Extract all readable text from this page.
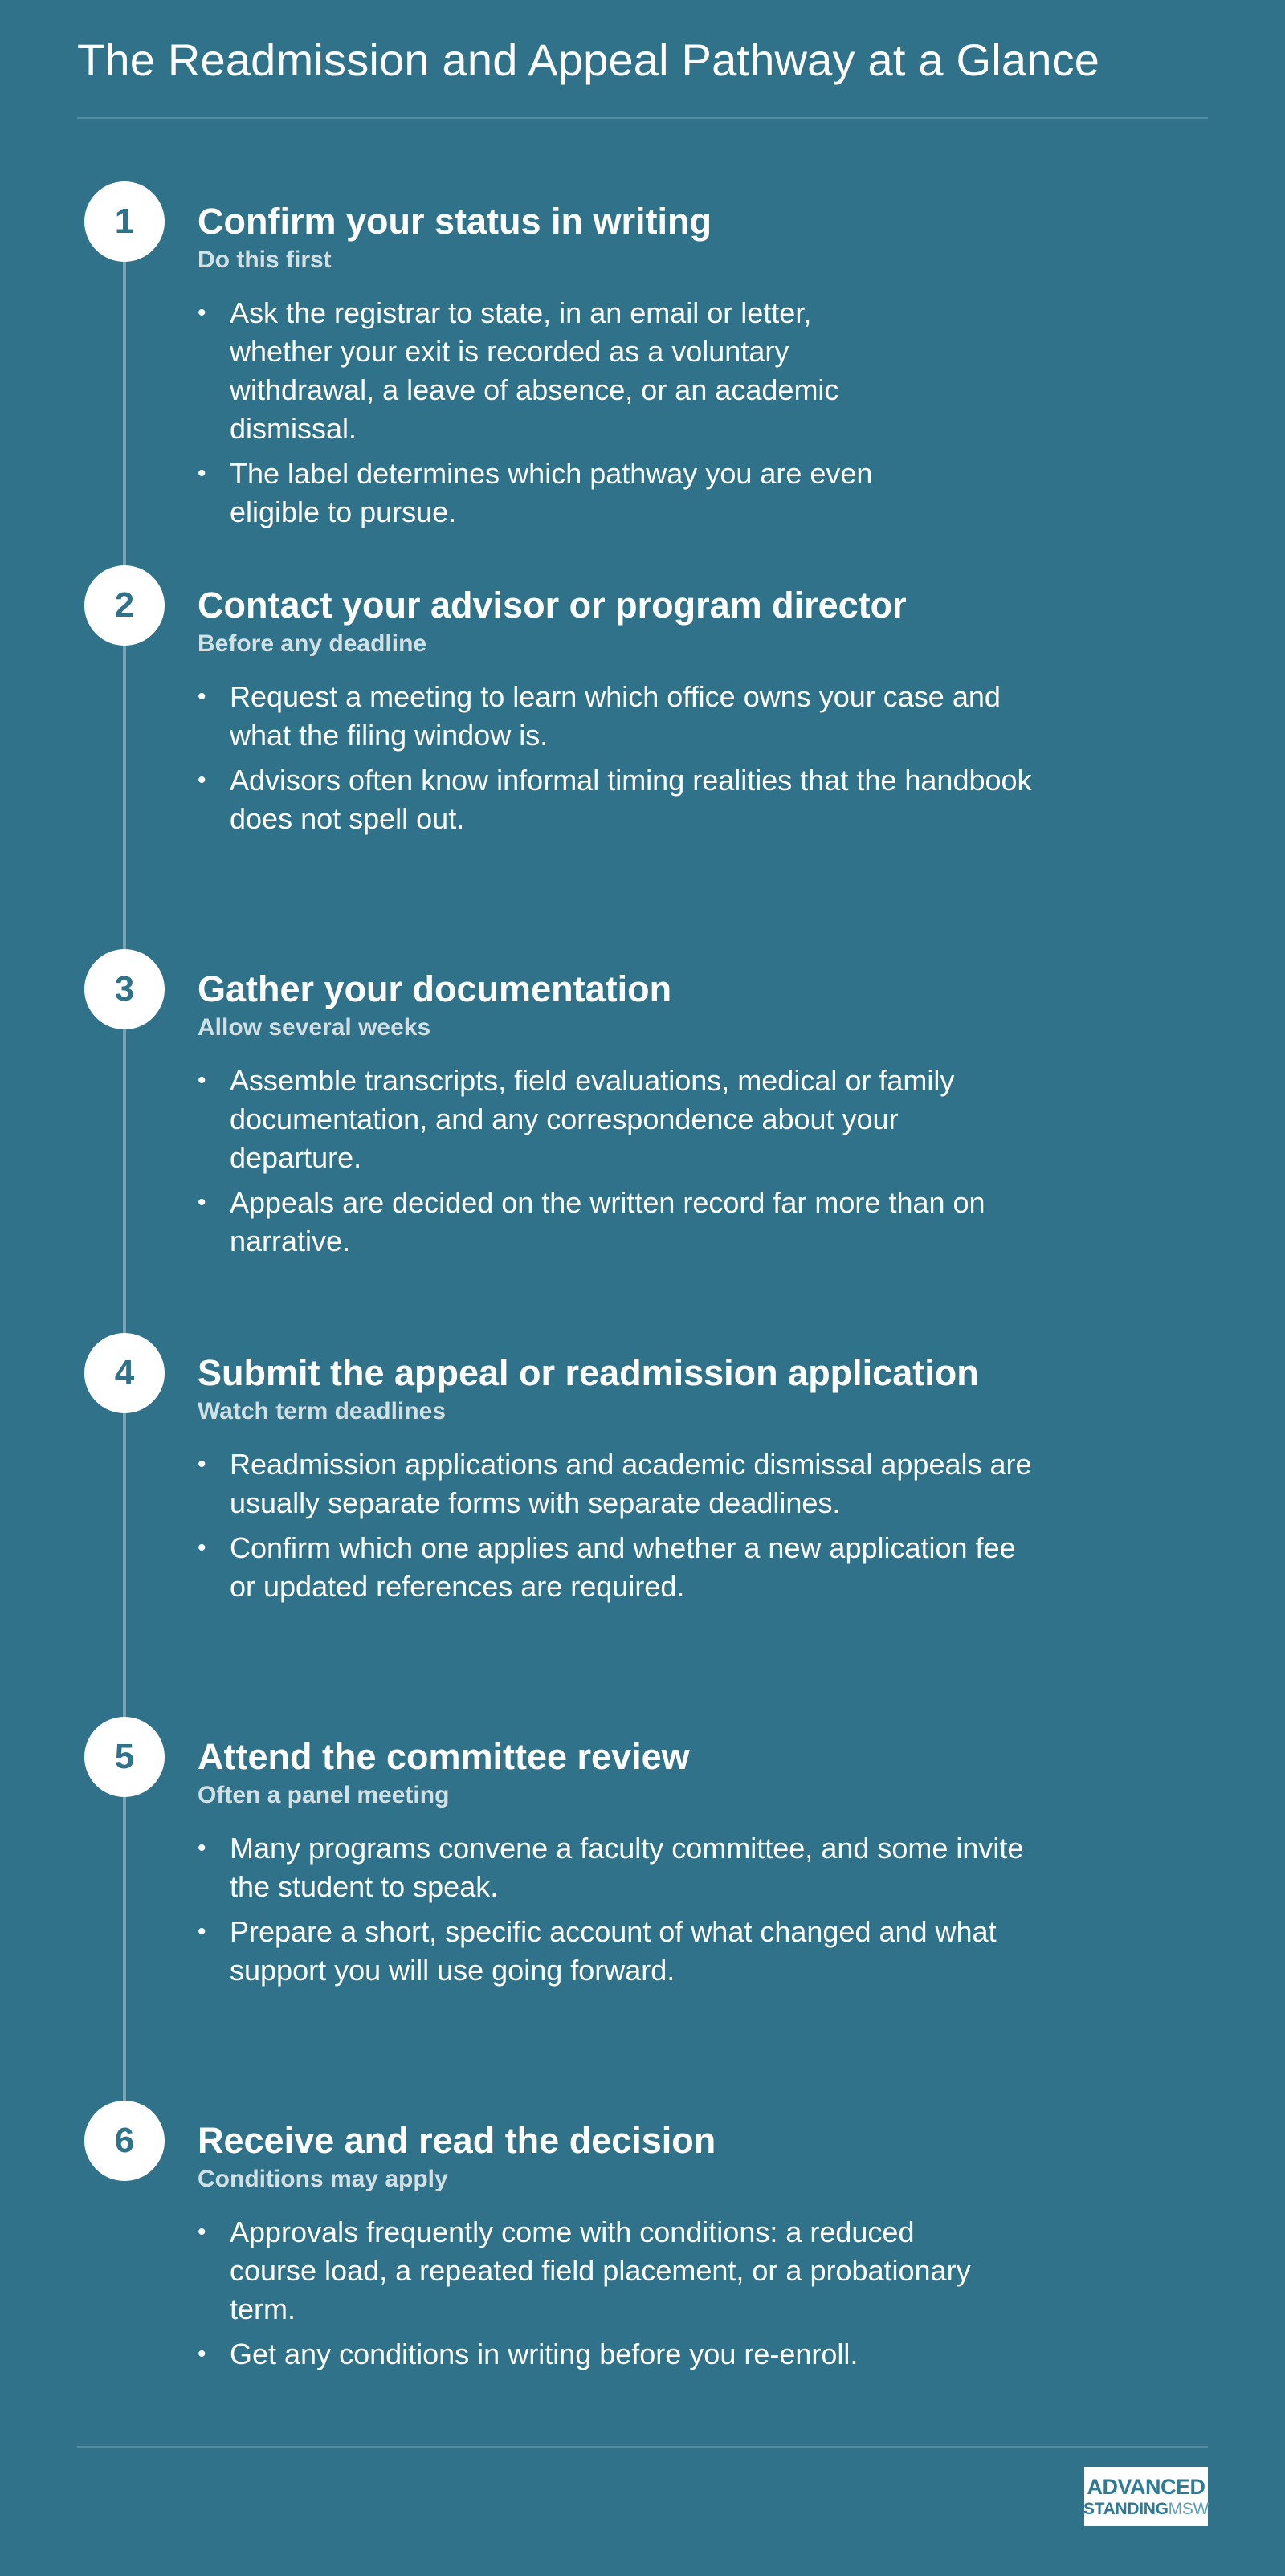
The Readmission and Appeal Pathway at a Glance
1	Confirm your status in writing
Do this first
• Ask the registrar to state, in an email or letter, whether your exit is recorded as a voluntary withdrawal, a leave of absence, or an academic dismissal.
• The label determines which pathway you are even eligible to pursue.
2	Contact your advisor or program director
Before any deadline
• Request a meeting to learn which office owns your case and what the filing window is.
• Advisors often know informal timing realities that the handbook does not spell out.
3	Gather your documentation
Allow several weeks
• Assemble transcripts, field evaluations, medical or family documentation, and any correspondence about your departure.
• Appeals are decided on the written record far more than on narrative.
4	Submit the appeal or readmission application
Watch term deadlines
• Readmission applications and academic dismissal appeals are usually separate forms with separate deadlines.
• Confirm which one applies and whether a new application fee or updated references are required.
5	Attend the committee review
Often a panel meeting
• Many programs convene a faculty committee, and some invite the student to speak.
• Prepare a short, specific account of what changed and what support you will use going forward.
6	Receive and read the decision
Conditions may apply
• Approvals frequently come with conditions: a reduced course load, a repeated field placement, or a probationary term.
• Get any conditions in writing before you re-enroll.
ADVANCED
STANDINGMSW
